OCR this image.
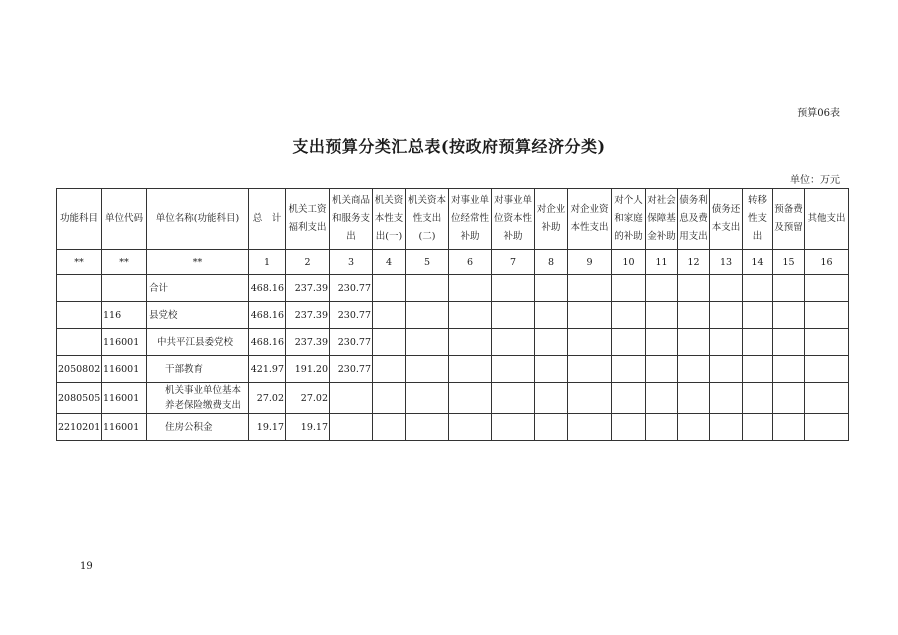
预算06表
支出预算分类汇总表(按政府预算经济分类)
单位：万元
功能科目	单位代码	单位名称(功能科目)	总　计	机关工资福利支出	机关商品和服务支出	机关资本性支出(一)	机关资本性支出(二)	对事业单位经常性补助	对事业单位资本性补助	对企业补助	对企业资本性支出	对个人和家庭的补助	对社会保障基金补助	债务利息及费用支出	债务还本支出	转移性支出	预备费及预留	其他支出
**	**	**	1	2	3	4	5	6	7	8	9	10	11	12	13	14	15	16
		合计	468.16	237.39	230.77													
	116	县党校	468.16	237.39	230.77													
	116001	中共平江县委党校	468.16	237.39	230.77													
2050802	116001	干部教育	421.97	191.20	230.77													
2080505	116001	机关事业单位基本养老保险缴费支出	27.02	27.02														
2210201	116001	住房公积金	19.17	19.17														
19
